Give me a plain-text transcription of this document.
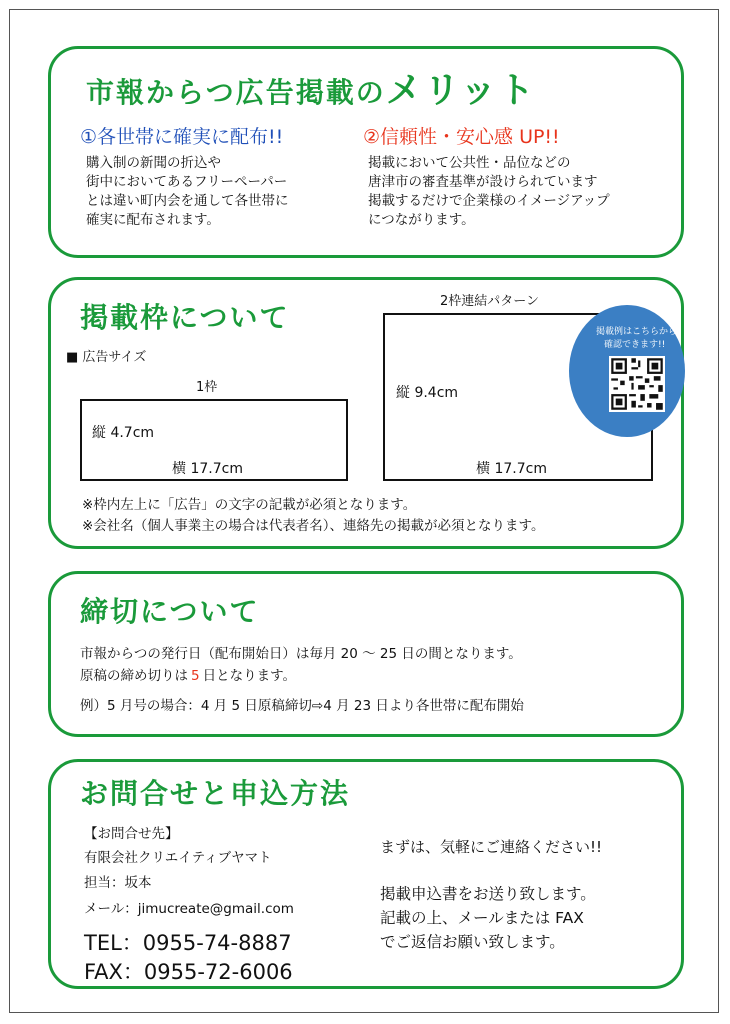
市報からつ広告掲載のメリット
①各世帯に確実に配布!!
購入制の新聞の折込や
街中においてあるフリーペーパー
とは違い町内会を通して各世帯に
確実に配布されます。
②信頼性・安心感 UP!!
掲載において公共性・品位などの
唐津市の審査基準が設けられています
掲載するだけで企業様のイメージアップ
につながります。
掲載枠について
■ 広告サイズ
1枠
縦 4.7cm
横 17.7cm
2枠連結パターン
縦 9.4cm
横 17.7cm
掲載例はこちらから
確認できます!!
※枠内左上に「広告」の文字の記載が必須となります。
※会社名（個人事業主の場合は代表者名）、連絡先の掲載が必須となります。
締切について
市報からつの発行日（配布開始日）は毎月 20 ～ 25 日の間となります。
原稿の締め切りは 5 日となります。
例）5 月号の場合：4 月 5 日原稿締切⇨4 月 23 日より各世帯に配布開始
お問合せと申込方法
【お問合せ先】
有限会社クリエイティブヤマト
担当：坂本
メール：jimucreate@gmail.com
TEL：0955-74-8887
FAX：0955-72-6006
まずは、気軽にご連絡ください!!
掲載申込書をお送り致します。
記載の上、メールまたは FAX
でご返信お願い致します。
